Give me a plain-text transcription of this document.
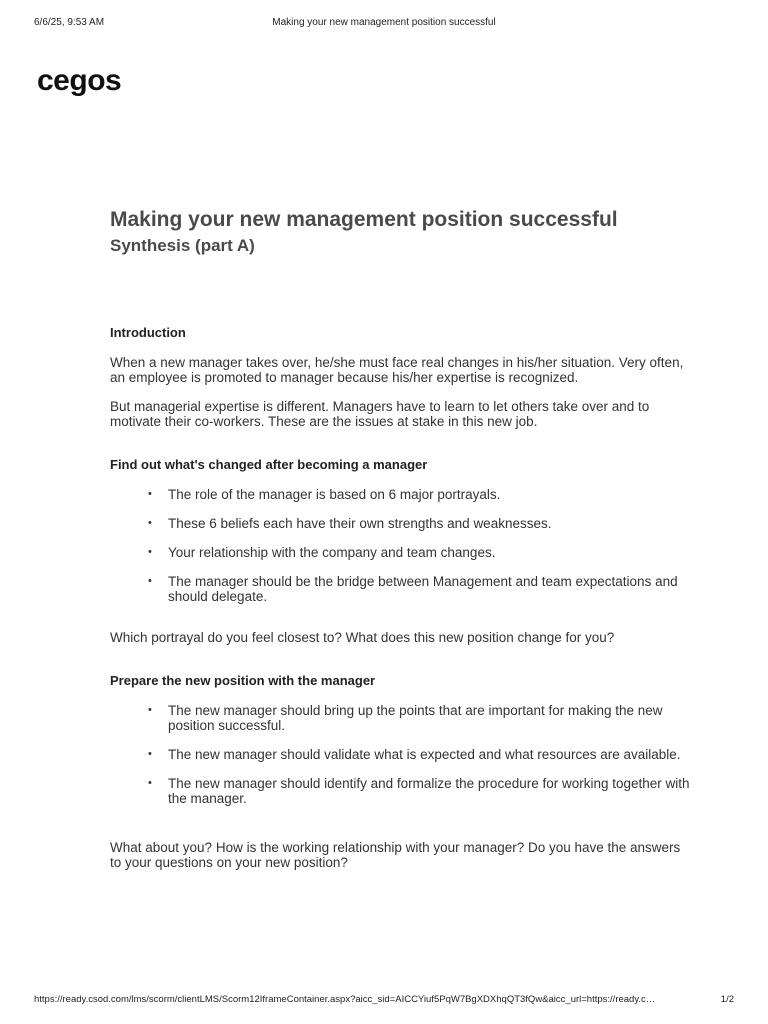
6/6/25, 9:53 AM	Making your new management position successful
cegos
Making your new management position successful
Synthesis (part A)
Introduction

When a new manager takes over, he/she must face real changes in his/her situation. Very often, an employee is promoted to manager because his/her expertise is recognized.

But managerial expertise is different. Managers have to learn to let others take over and to motivate their co-workers. These are the issues at stake in this new job.

Find out what's changed after becoming a manager
•	The role of the manager is based on 6 major portrayals.
•	These 6 beliefs each have their own strengths and weaknesses.
•	Your relationship with the company and team changes.
•	The manager should be the bridge between Management and team expectations and should delegate.

Which portrayal do you feel closest to? What does this new position change for you?

Prepare the new position with the manager
•	The new manager should bring up the points that are important for making the new position successful.
•	The new manager should validate what is expected and what resources are available.
•	The new manager should identify and formalize the procedure for working together with the manager.

What about you? How is the working relationship with your manager? Do you have the answers to your questions on your new position?

https://ready.csod.com/lms/scorm/clientLMS/Scorm12IframeContainer.aspx?aicc_sid=AICCYiuf5PqW7BgXDXhqQT3fQw&aicc_url=https://ready.c…	1/2
